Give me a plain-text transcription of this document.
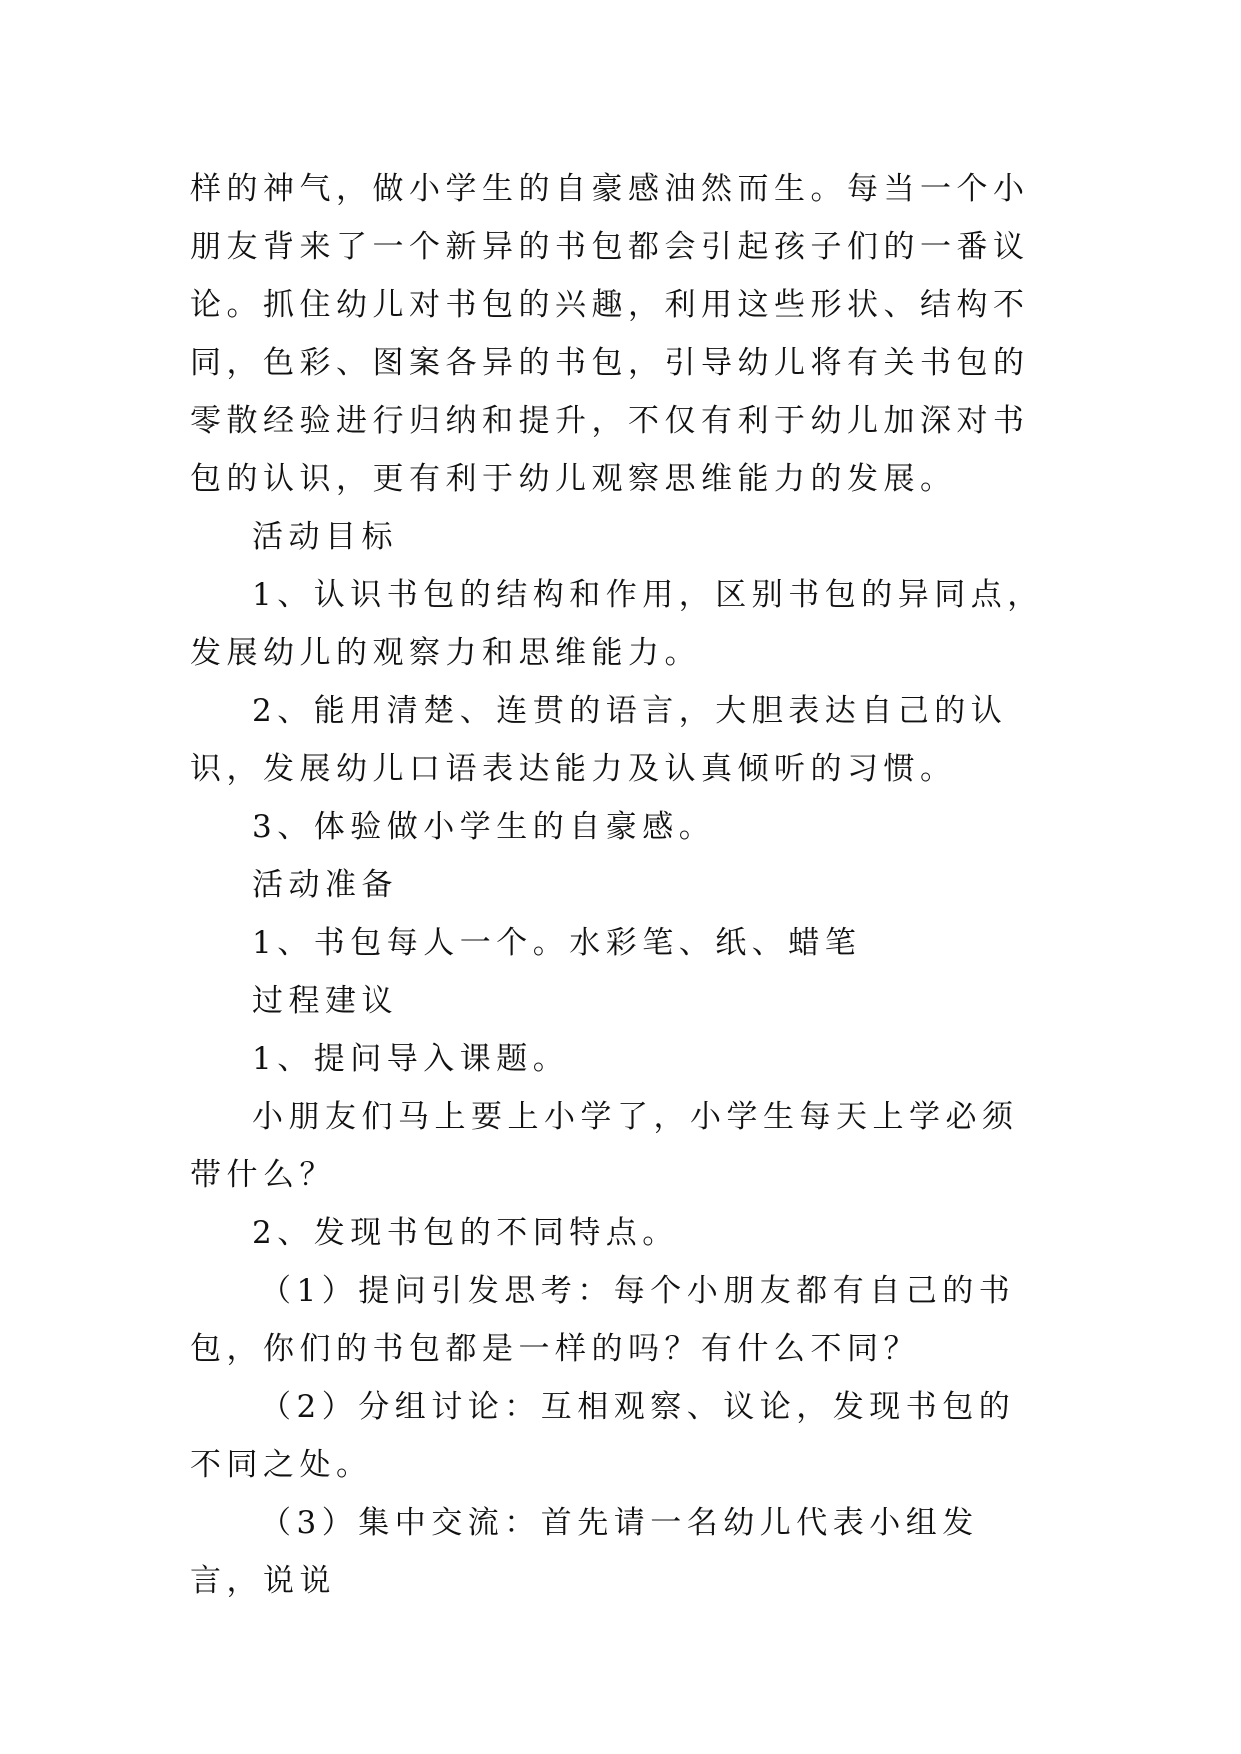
样的神气，做小学生的自豪感油然而生。每当一个小朋友背来了一个新异的书包都会引起孩子们的一番议论。抓住幼儿对书包的兴趣，利用这些形状、结构不同，色彩、图案各异的书包，引导幼儿将有关书包的零散经验进行归纳和提升，不仅有利于幼儿加深对书包的认识，更有利于幼儿观察思维能力的发展。

活动目标

1、认识书包的结构和作用，区别书包的异同点，发展幼儿的观察力和思维能力。

2、能用清楚、连贯的语言，大胆表达自己的认识，发展幼儿口语表达能力及认真倾听的习惯。

3、体验做小学生的自豪感。

活动准备

1、书包每人一个。水彩笔、纸、蜡笔

过程建议

1、提问导入课题。

小朋友们马上要上小学了，小学生每天上学必须带什么？

2、发现书包的不同特点。

（1）提问引发思考：每个小朋友都有自己的书包，你们的书包都是一样的吗？有什么不同？

（2）分组讨论：互相观察、议论，发现书包的不同之处。

（3）集中交流：首先请一名幼儿代表小组发言，说说
